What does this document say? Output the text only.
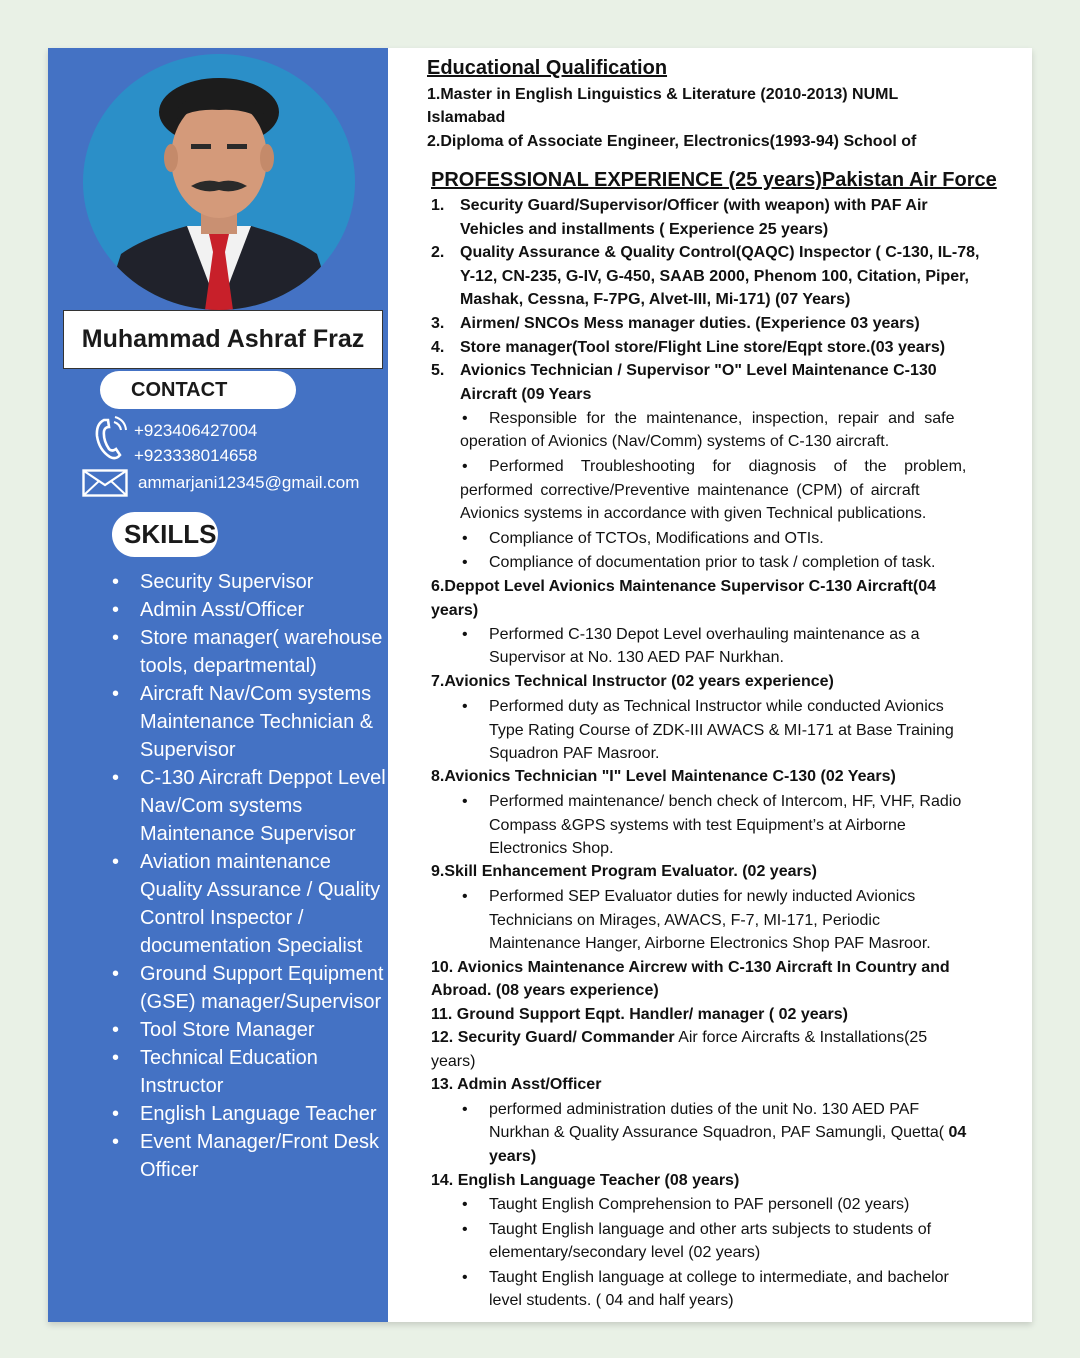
Muhammad Ashraf Fraz
CONTACT
+923406427004
+923338014658
ammarjani12345@gmail.com
SKILLS
• Security Supervisor
• Admin Asst/Officer
• Store manager( warehouse
tools, departmental)
• Aircraft Nav/Com systems
Maintenance Technician &
Supervisor
• C-130 Aircraft Deppot Level
Nav/Com systems
Maintenance Supervisor
• Aviation maintenance
Quality Assurance / Quality
Control Inspector /
documentation Specialist
• Ground Support Equipment
(GSE) manager/Supervisor
• Tool Store Manager
• Technical Education
Instructor
• English Language Teacher
• Event Manager/Front Desk
Officer
Educational Qualification
1.Master in English Linguistics & Literature (2010-2013) NUML
Islamabad
2.Diploma of Associate Engineer, Electronics(1993-94) School of
PROFESSIONAL EXPERIENCE (25 years)Pakistan Air Force
1. Security Guard/Supervisor/Officer (with weapon) with PAF Air
Vehicles and installments ( Experience 25 years)
2. Quality Assurance & Quality Control(QAQC) Inspector ( C-130, IL-78,
Y-12, CN-235, G-IV, G-450, SAAB 2000, Phenom 100, Citation, Piper,
Mashak, Cessna, F-7PG, Alvet-III, Mi-171) (07 Years)
3. Airmen/ SNCOs Mess manager duties. (Experience 03 years)
4. Store manager(Tool store/Flight Line store/Eqpt store.(03 years)
5. Avionics Technician / Supervisor "O" Level Maintenance C-130
Aircraft (09 Years
• Responsible for the maintenance, inspection, repair and safe
operation of Avionics (Nav/Comm) systems of C-130 aircraft.
• Performed Troubleshooting for diagnosis of the problem,
performed corrective/Preventive maintenance (CPM) of aircraft
Avionics systems in accordance with given Technical publications.
• Compliance of TCTOs, Modifications and OTIs.
• Compliance of documentation prior to task / completion of task.
6.Deppot Level Avionics Maintenance Supervisor C-130 Aircraft(04
years)
• Performed C-130 Depot Level overhauling maintenance as a
Supervisor at No. 130 AED PAF Nurkhan.
7.Avionics Technical Instructor (02 years experience)
• Performed duty as Technical Instructor while conducted Avionics
Type Rating Course of ZDK-III AWACS & MI-171 at Base Training
Squadron PAF Masroor.
8.Avionics Technician "I" Level Maintenance C-130 (02 Years)
• Performed maintenance/ bench check of Intercom, HF, VHF, Radio
Compass &GPS systems with test Equipment’s at Airborne
Electronics Shop.
9.Skill Enhancement Program Evaluator. (02 years)
• Performed SEP Evaluator duties for newly inducted Avionics
Technicians on Mirages, AWACS, F-7, MI-171, Periodic
Maintenance Hanger, Airborne Electronics Shop PAF Masroor.
10. Avionics Maintenance Aircrew with C-130 Aircraft In Country and
Abroad. (08 years experience)
11. Ground Support Eqpt. Handler/ manager ( 02 years)
12. Security Guard/ Commander Air force Aircrafts & Installations(25
years)
13. Admin Asst/Officer
• performed administration duties of the unit No. 130 AED PAF
Nurkhan & Quality Assurance Squadron, PAF Samungli, Quetta( 04
years)
14. English Language Teacher (08 years)
• Taught English Comprehension to PAF personell (02 years)
• Taught English language and other arts subjects to students of
elementary/secondary level (02 years)
• Taught English language at college to intermediate, and bachelor
level students. ( 04 and half years)
